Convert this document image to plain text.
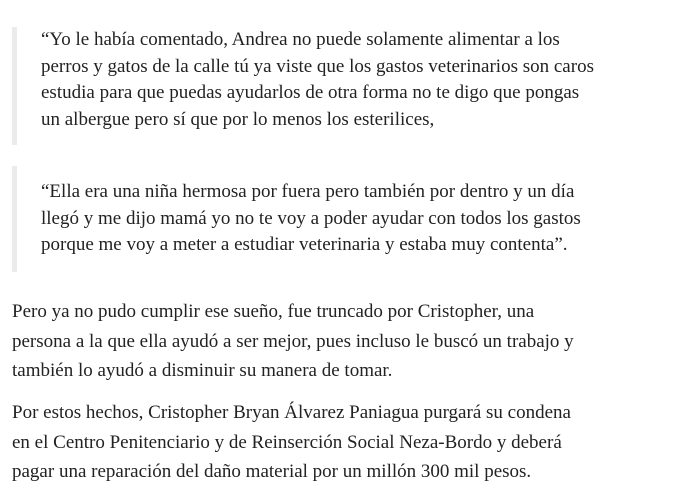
“Yo le había comentado, Andrea no puede solamente alimentar a los
perros y gatos de la calle tú ya viste que los gastos veterinarios son caros
estudia para que puedas ayudarlos de otra forma no te digo que pongas
un albergue pero sí que por lo menos los esterilices,

“Ella era una niña hermosa por fuera pero también por dentro y un día
llegó y me dijo mamá yo no te voy a poder ayudar con todos los gastos
porque me voy a meter a estudiar veterinaria y estaba muy contenta”.

Pero ya no pudo cumplir ese sueño, fue truncado por Cristopher, una
persona a la que ella ayudó a ser mejor, pues incluso le buscó un trabajo y
también lo ayudó a disminuir su manera de tomar.

Por estos hechos, Cristopher Bryan Álvarez Paniagua purgará su condena
en el Centro Penitenciario y de Reinserción Social Neza-Bordo y deberá
pagar una reparación del daño material por un millón 300 mil pesos.
